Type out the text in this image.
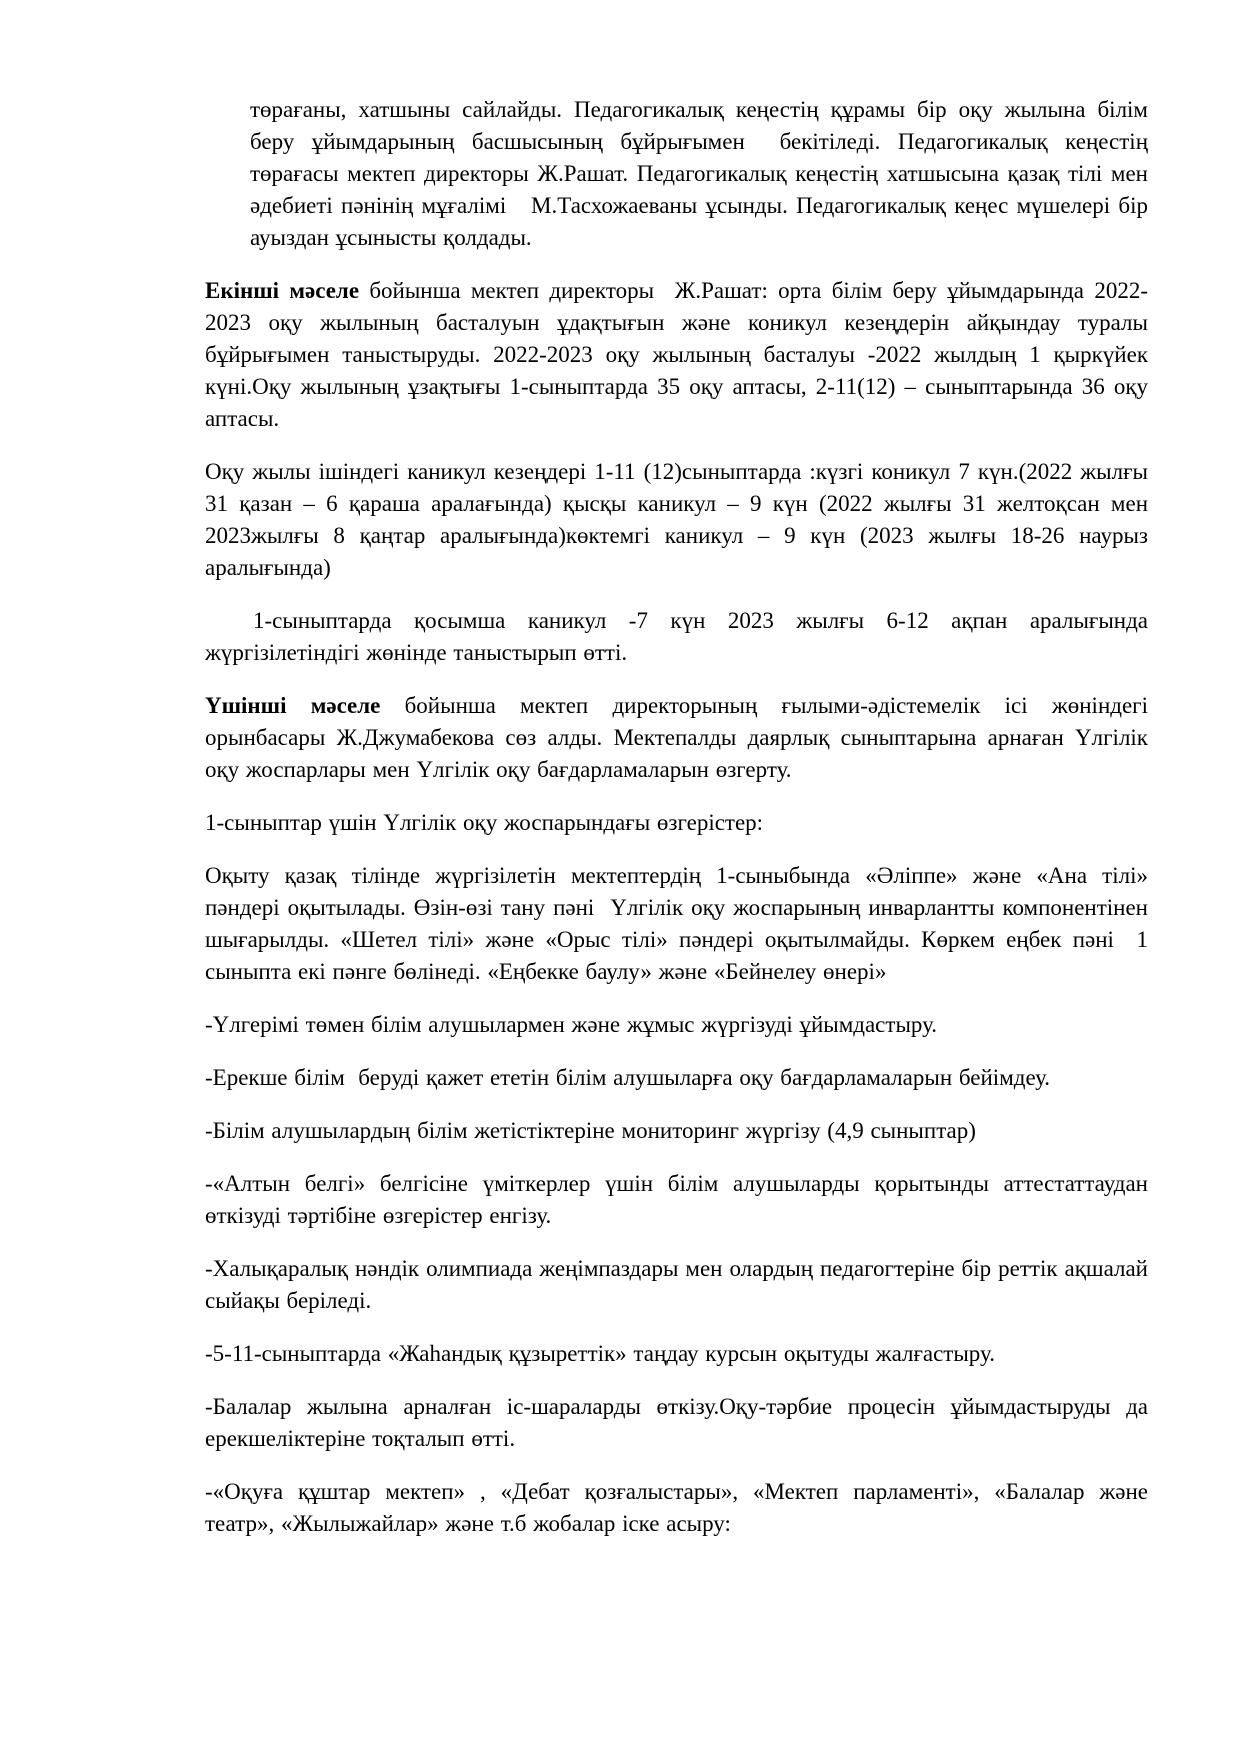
төрағаны, хатшыны сайлайды. Педагогикалық кеңестің құрамы бір оқу жылына білім беру ұйымдарының басшысының бұйрығымен  бекітіледі. Педагогикалық кеңестің төрағасы мектеп директоры Ж.Рашат. Педагогикалық кеңестің хатшысына қазақ тілі мен әдебиеті пәнінің мұғалімі   М.Тасхожаеваны ұсынды. Педагогикалық кеңес мүшелері бір ауыздан ұсынысты қолдады.

Екінші мәселе бойынша мектеп директоры  Ж.Рашат: орта білім беру ұйымдарында 2022-2023 оқу жылының басталуын ұдақтығын және коникул кезеңдерін айқындау туралы бұйрығымен таныстыруды. 2022-2023 оқу жылының басталуы -2022 жылдың 1 қыркүйек күні.Оқу жылының ұзақтығы 1-сыныптарда 35 оқу аптасы, 2-11(12) – сыныптарында 36 оқу аптасы.

Оқу жылы ішіндегі каникул кезеңдері 1-11 (12)сыныптарда :күзгі коникул 7 күн.(2022 жылғы 31 қазан – 6 қараша аралағында) қысқы каникул – 9 күн (2022 жылғы 31 желтоқсан мен 2023жылғы 8 қаңтар аралығында)көктемгі каникул – 9 күн (2023 жылғы 18-26 наурыз аралығында)

1-сыныптарда қосымша каникул -7 күн 2023 жылғы 6-12 ақпан аралығында жүргізілетіндігі жөнінде таныстырып өтті.

Үшінші мәселе бойынша мектеп директорының ғылыми-әдістемелік ісі жөніндегі орынбасары Ж.Джумабекова сөз алды. Мектепалды даярлық сыныптарына арнаған Үлгілік оқу жоспарлары мен Үлгілік оқу бағдарламаларын өзгерту.

1-сыныптар үшін Үлгілік оқу жоспарындағы өзгерістер:

Оқыту қазақ тілінде жүргізілетін мектептердің 1-сыныбында «Әліппе» және «Ана тілі» пәндері оқытылады. Өзін-өзі тану пәні  Үлгілік оқу жоспарының инварлантты компонентінен шығарылды. «Шетел тілі» және «Орыс тілі» пәндері оқытылмайды. Көркем еңбек пәні  1 сыныпта екі пәнге бөлінеді. «Еңбекке баулу» және «Бейнелеу өнері»

-Үлгерімі төмен білім алушылармен және жұмыс жүргізуді ұйымдастыру.

-Ерекше білім  беруді қажет ететін білім алушыларға оқу бағдарламаларын бейімдеу.

-Білім алушылардың білім жетістіктеріне мониторинг жүргізу (4,9 сыныптар)

-«Алтын белгі» белгісіне үміткерлер үшін білім алушыларды қорытынды аттестаттаудан өткізуді тәртібіне өзгерістер енгізу.

-Халықаралық нәндік олимпиада жеңімпаздары мен олардың педагогтеріне бір реттік ақшалай сыйақы беріледі.

-5-11-сыныптарда «Жаһандық құзыреттік» таңдау курсын оқытуды жалғастыру.

-Балалар жылына арналған іс-шараларды өткізу.Оқу-тәрбие процесін ұйымдастыруды да ерекшеліктеріне тоқталып өтті.

-«Оқуға құштар мектеп» , «Дебат қозғалыстары», «Мектеп парламенті», «Балалар және театр», «Жылыжайлар» және т.б жобалар іске асыру:
